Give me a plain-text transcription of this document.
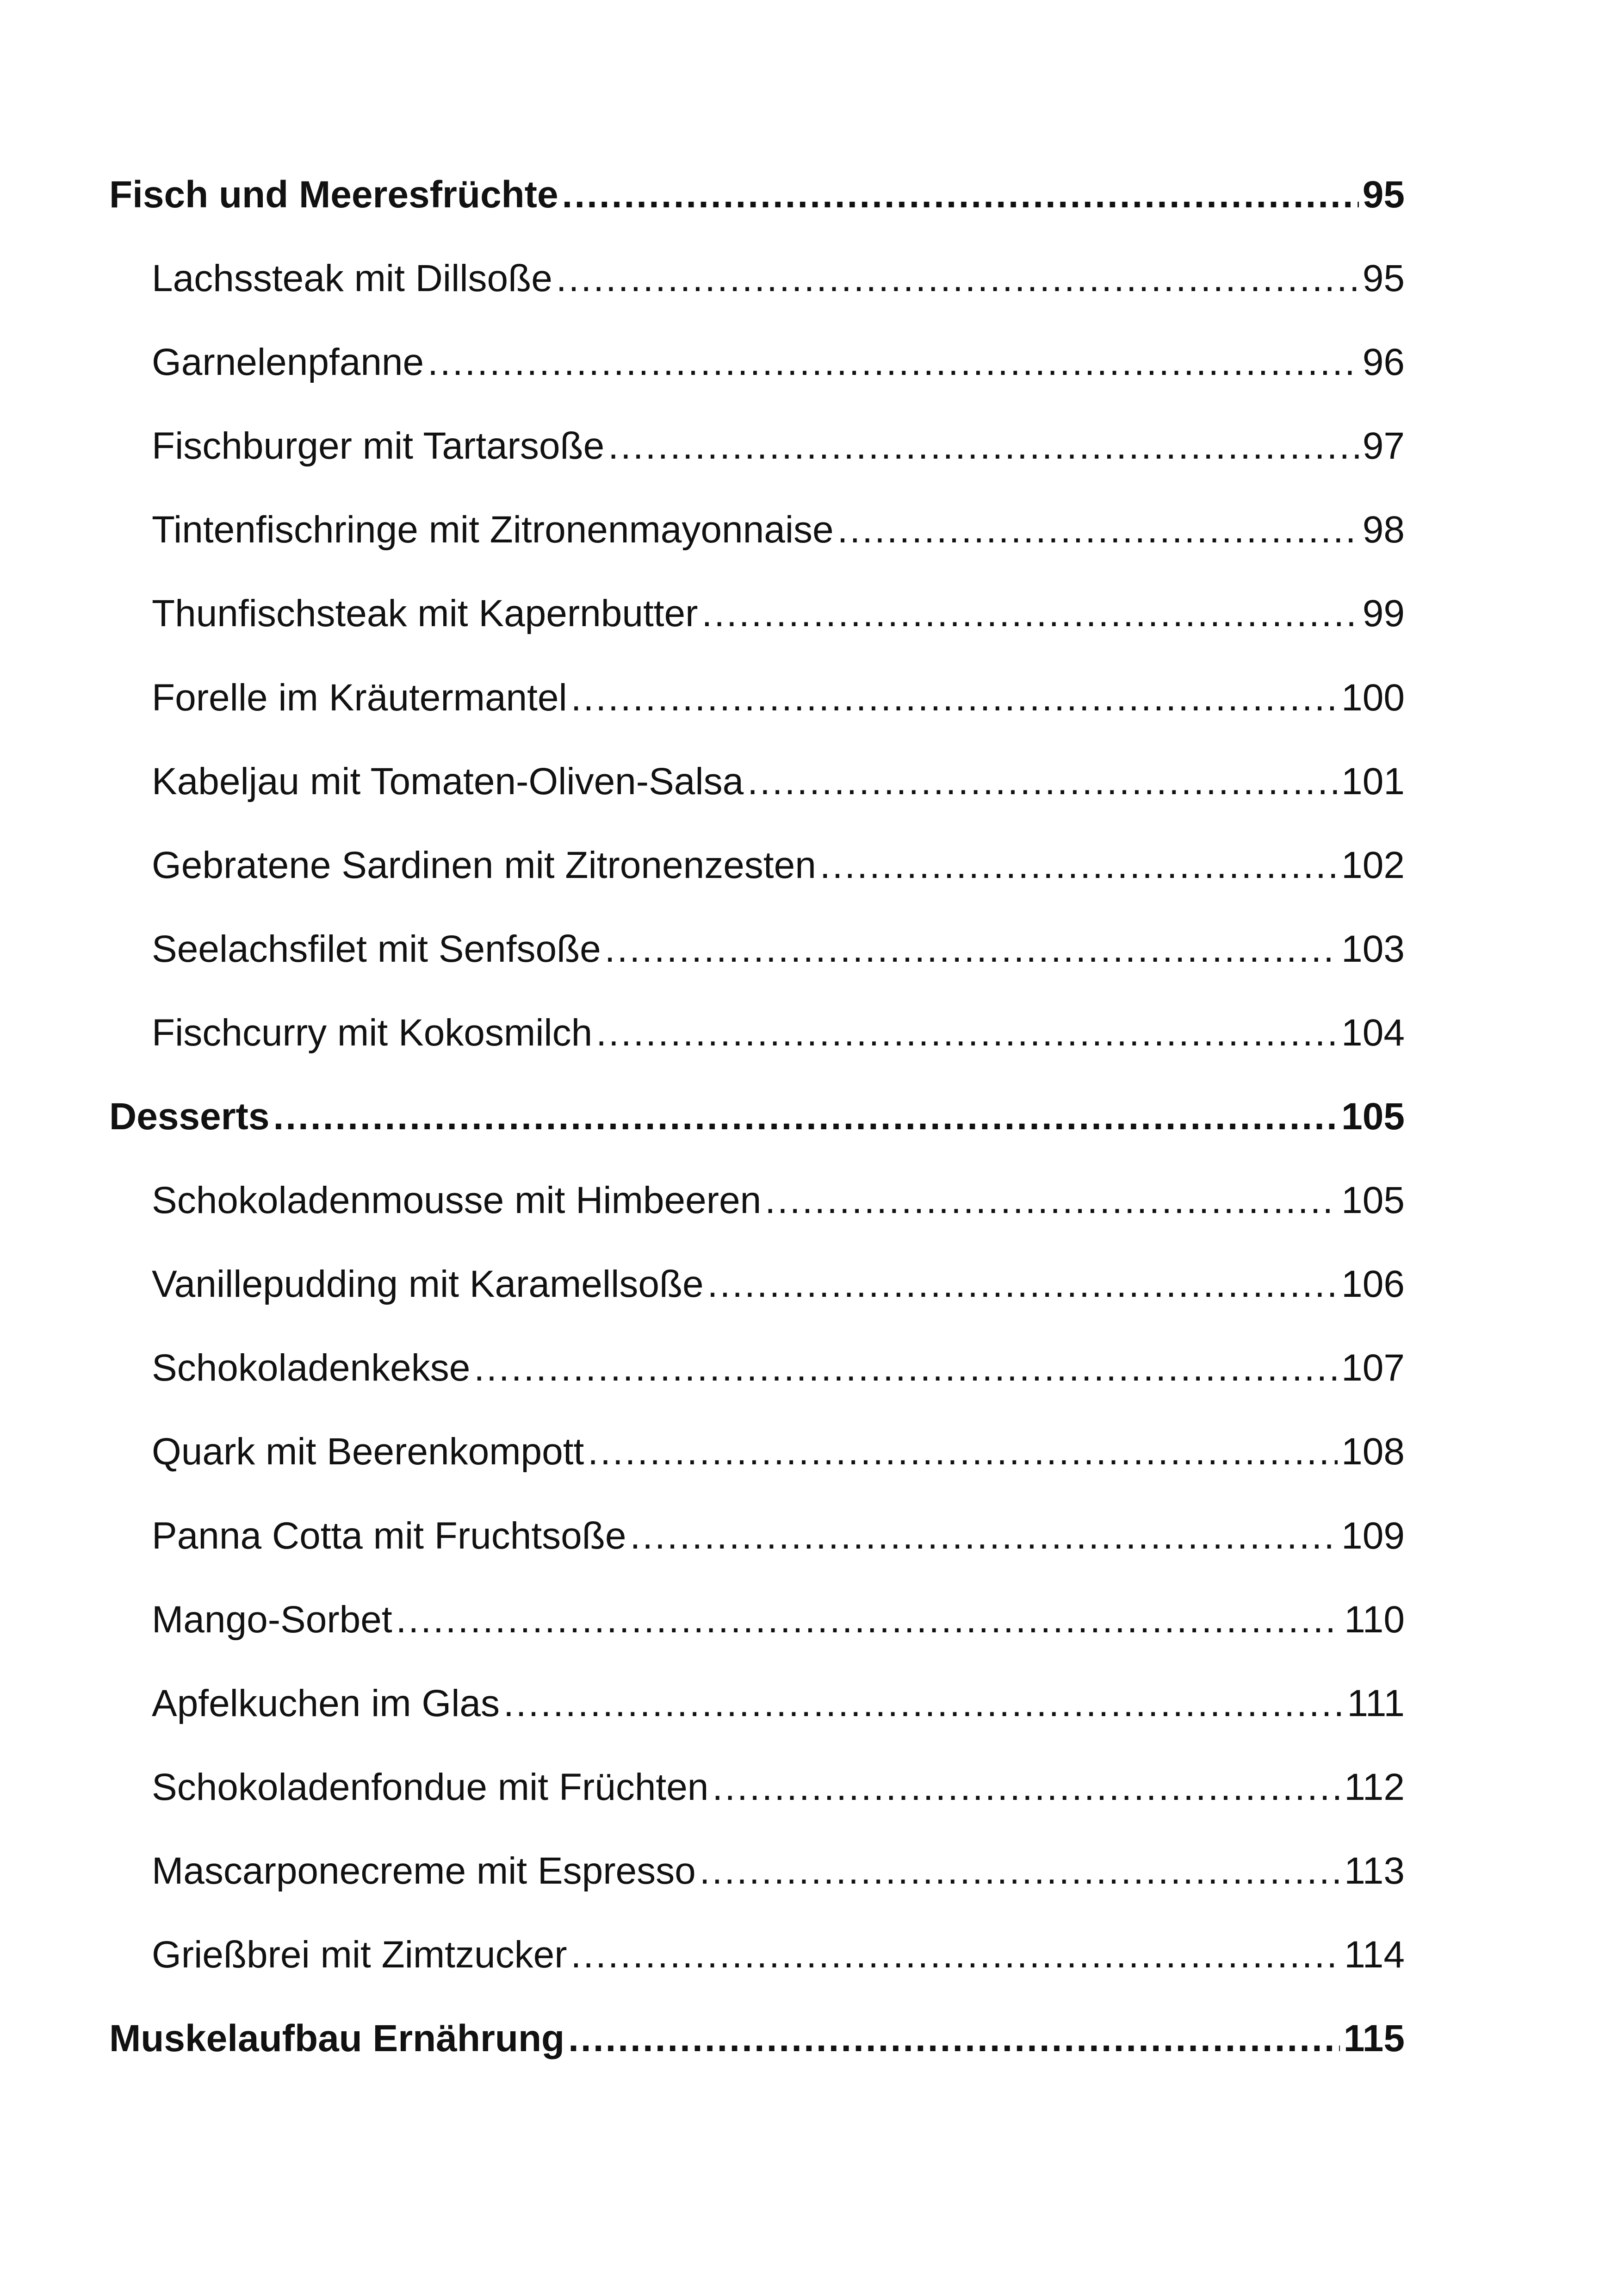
Fisch und Meeresfrüchte .....	95
Lachssteak mit Dillsoße .....	95
Garnelenpfanne .....	96
Fischburger mit Tartarsoße .....	97
Tintenfischringe mit Zitronenmayonnaise .....	98
Thunfischsteak mit Kapernbutter .....	99
Forelle im Kräutermantel .....	100
Kabeljau mit Tomaten-Oliven-Salsa .....	101
Gebratene Sardinen mit Zitronenzesten .....	102
Seelachsfilet mit Senfsoße .....	103
Fischcurry mit Kokosmilch .....	104
Desserts .....	105
Schokoladenmousse mit Himbeeren .....	105
Vanillepudding mit Karamellsoße .....	106
Schokoladenkekse .....	107
Quark mit Beerenkompott .....	108
Panna Cotta mit Fruchtsoße .....	109
Mango-Sorbet .....	110
Apfelkuchen im Glas .....	111
Schokoladenfondue mit Früchten .....	112
Mascarponecreme mit Espresso .....	113
Grießbrei mit Zimtzucker .....	114
Muskelaufbau Ernährung .....	115
